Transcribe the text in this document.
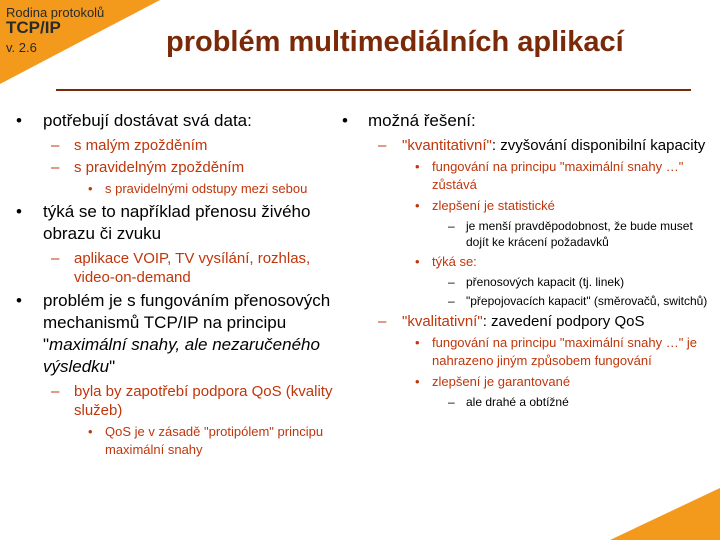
Rodina protokolů
TCP/IP
v. 2.6	problém multimediálních aplikací
• potřebují dostávat svá data:
– s malým zpožděním
– s pravidelným zpožděním
• s pravidelnými odstupy mezi sebou
• týká se to například přenosu živého obrazu či zvuku
– aplikace VOIP, TV vysílání, rozhlas, video-on-demand
• problém je s fungováním přenosových mechanismů TCP/IP na principu "maximální snahy, ale nezaručeného výsledku"
– byla by zapotřebí podpora QoS (kvality služeb)
• QoS je v zásadě "protipólem" principu maximální snahy
• možná řešení:
– "kvantitativní": zvyšování disponibilní kapacity
• fungování na principu "maximální snahy …" zůstává
• zlepšení je statistické
– je menší pravděpodobnost, že bude muset dojít ke krácení požadavků
• týká se:
– přenosových kapacit (tj. linek)
– "přepojovacích kapacit" (směrovačů, switchů)
– "kvalitativní": zavedení podpory QoS
• fungování na principu "maximální snahy …" je nahrazeno jiným způsobem fungování
• zlepšení je garantované
– ale drahé a obtížné
